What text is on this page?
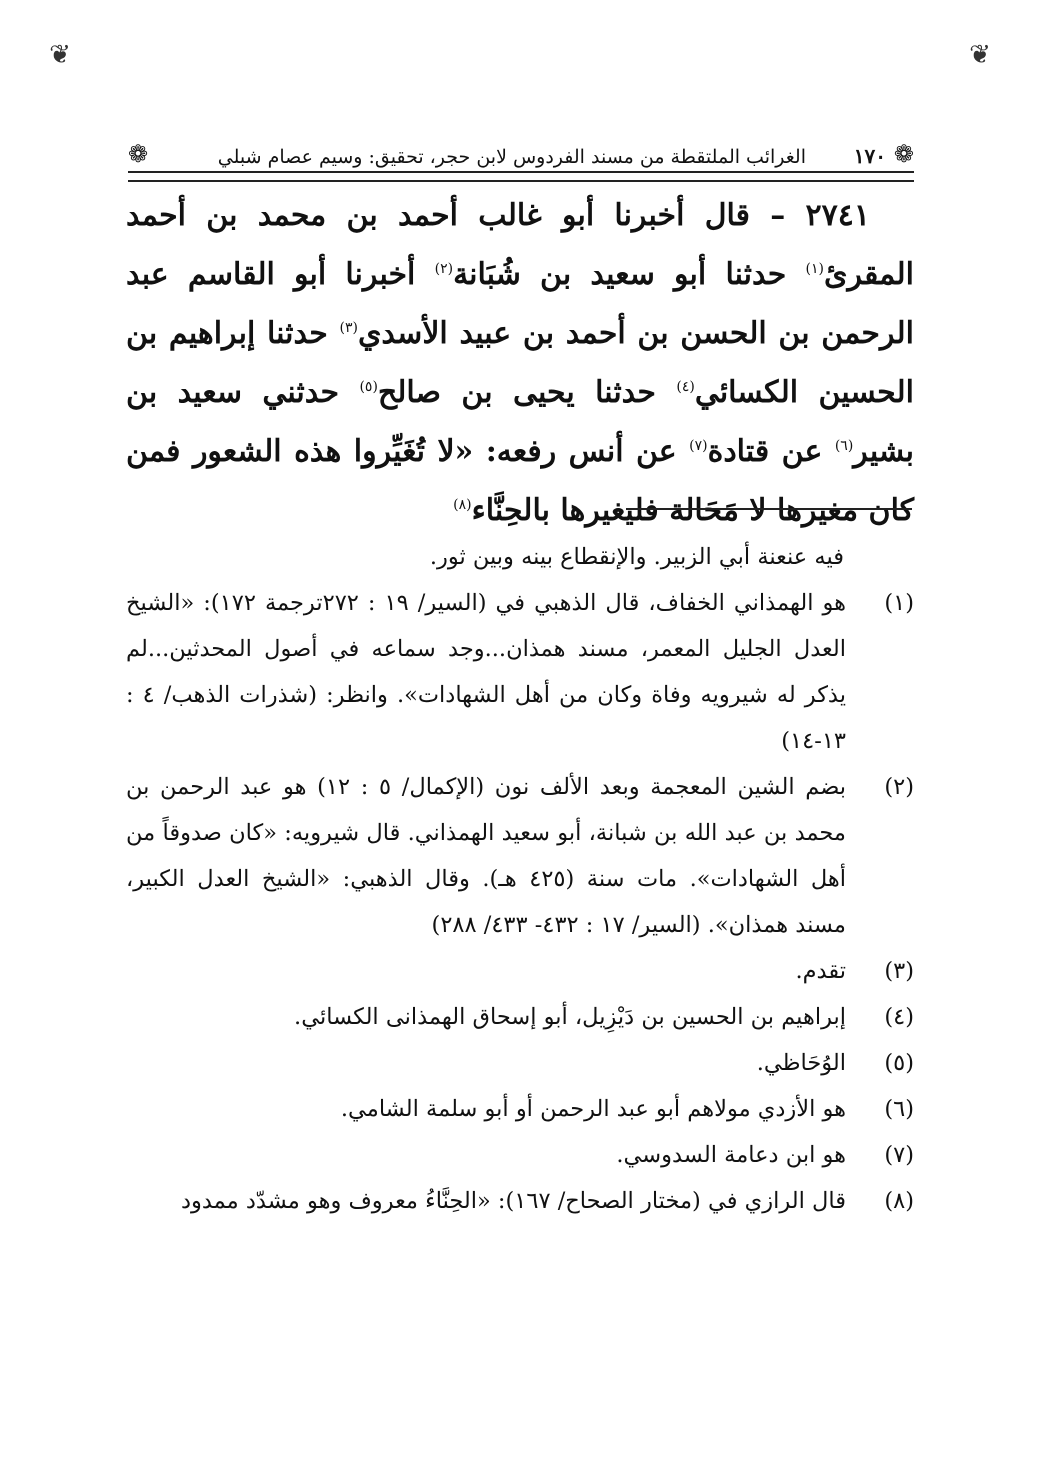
❦	❦
❁
١٧٠
الغرائب الملتقطة من مسند الفردوس لابن حجر، تحقيق: وسيم عصام شبلي
❁

٢٧٤١ – قال أخبرنا أبو غالب أحمد بن محمد بن أحمد المقرئ$^{(١)}$ حدثنا أبو سعيد بن شُبَانة$^{(٢)}$ أخبرنا أبو القاسم عبد الرحمن بن الحسن بن أحمد بن عبيد الأسدي$^{(٣)}$ حدثنا إبراهيم بن الحسين الكسائي$^{(٤)}$ حدثنا يحيى بن صالح$^{(٥)}$ حدثني سعيد بن بشير$^{(٦)}$ عن قتادة$^{(٧)}$ عن أنس رفعه: «لا تُغَيِّروا هذه الشعور فمن كان مغيرها لا مَحَالة فليغيرها بالحِنَّاء$^{(٨)}$

فيه عنعنة أبي الزبير. والإنقطاع بينه وبين ثور.

(١)
هو الهمذاني الخفاف، قال الذهبي في (السير/ ١٩ : ٢٧٢ترجمة ١٧٢): «الشيخ العدل الجليل المعمر، مسند همذان...وجد سماعه في أصول المحدثين...لم يذكر له شيرويه وفاة وكان من أهل الشهادات». وانظر: (شذرات الذهب/ ٤ : ١٣-١٤)
(٢)
بضم الشين المعجمة وبعد الألف نون (الإكمال/ ٥ : ١٢) هو عبد الرحمن بن محمد بن عبد الله بن شبانة، أبو سعيد الهمذاني. قال شيرويه: «كان صدوقاً من أهل الشهادات». مات سنة (٤٢٥ هـ). وقال الذهبي: «الشيخ العدل الكبير، مسند همذان». (السير/ ١٧ : ٤٣٢- ٤٣٣/ ٢٨٨)
(٣)
تقدم.
(٤)
إبراهيم بن الحسين بن دَيْزِيل، أبو إسحاق الهمذانى الكسائي.
(٥)
الوُحَاظي.
(٦)
هو الأزدي مولاهم أبو عبد الرحمن أو أبو سلمة الشامي.
(٧)
هو ابن دعامة السدوسي.
(٨)
قال الرازي في (مختار الصحاح/ ١٦٧): «الحِنَّاءُ معروف وهو مشدّد ممدود
